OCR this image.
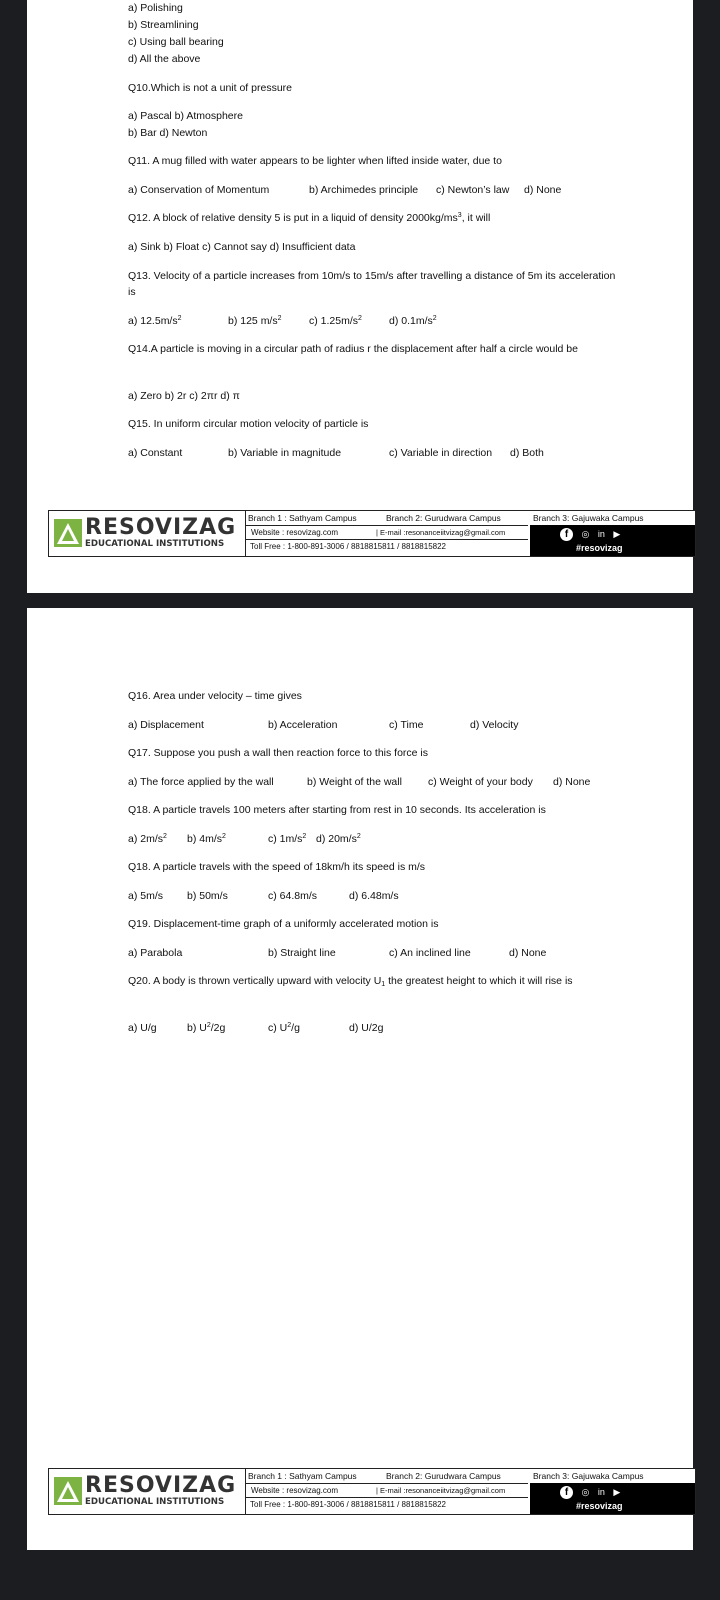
a) Polishing
b) Streamlining
c) Using ball bearing
d) All the above
Q10.Which is not a unit of pressure
a) Pascal b) Atmosphere
b) Bar d) Newton
Q11. A mug filled with water appears to be lighter when lifted inside water, due to
a) Conservation of Momentum	b) Archimedes principle c) Newton’s law d) None
Q12. A block of relative density 5 is put in a liquid of density $2000kg/ms^3$, it will
a) Sink b) Float c) Cannot say d) Insufficient data
Q13. Velocity of a particle increases from 10m/s to 15m/s after travelling a distance of 5m its acceleration is
a) $12.5m/s^2$	b) 125 $m/s^2$	c) $1.25m/s^2$	d) $0.1m/s^2$
Q14.A particle is moving in a circular path of radius r the displacement after half a circle would be
a) Zero b) 2r c) 2πr d) π
Q15. In uniform circular motion velocity of particle is
a) Constant	b) Variable in magnitude	c) Variable in direction d) Both
RESOVIZAG
EDUCATIONAL INSTITUTIONS
Branch 1 : Sathyam Campus	Branch 2: Gurudwara Campus
Website : resovizag.com	| E-mail :resonanceiitvizag@gmail.com
Toll Free : 1-800-891-3006 / 8818815811 / 8818815822
Branch 3: Gajuwaka Campus
f ◎ in ▶
#resovizag
Q16. Area under velocity – time gives
a) Displacement	b) Acceleration	c) Time	d) Velocity
Q17. Suppose you push a wall then reaction force to this force is
a) The force applied by the wall	b) Weight of the wall c) Weight of your body d) None
Q18. A particle travels 100 meters after starting from rest in 10 seconds. Its acceleration is
a) $2m/s^2$ b) $4m/s^2$	c) $1m/s^2$ d) $20m/s^2$
Q18. A particle travels with the speed of 18km/h its speed is m/s
a) 5m/s b) 50m/s	c) 64.8m/s	d) 6.48m/s
Q19. Displacement-time graph of a uniformly accelerated motion is
a) Parabola	b) Straight line	c) An inclined line	d) None
Q20. A body is thrown vertically upward with velocity $U_1$ the greatest height to which it will rise is
a) U/g	b) $U^2/2g$	c) $U^2/g$	d) U/2g
RESOVIZAG
EDUCATIONAL INSTITUTIONS
Branch 1 : Sathyam Campus	Branch 2: Gurudwara Campus
Website : resovizag.com	| E-mail :resonanceiitvizag@gmail.com
Toll Free : 1-800-891-3006 / 8818815811 / 8818815822
Branch 3: Gajuwaka Campus
f ◎ in ▶
#resovizag
